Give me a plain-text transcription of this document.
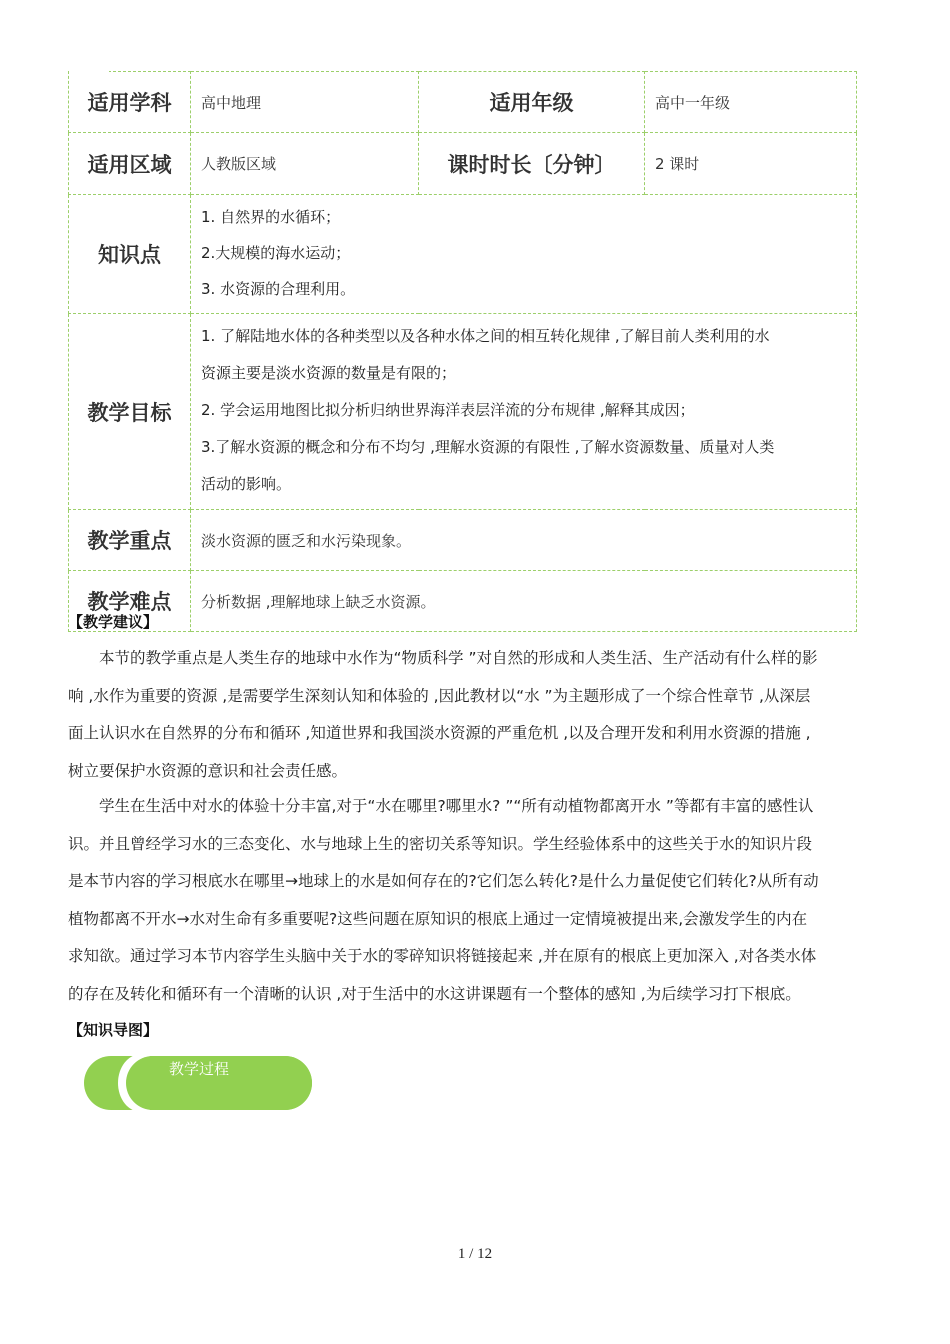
适用学科	高中地理	适用年级	高中一年级
适用区域	人教版区域	课时时长〔分钟〕	2 课时
知识点	1. 自然界的水循环；
2.大规模的海水运动；
3. 水资源的合理利用。		

教学目标	1. 了解陆地水体的各种类型以及各种水体之间的相互转化规律 ,了解目前人类利用的水
资源主要是淡水资源的数量是有限的；
2. 学会运用地图比拟分析归纳世界海洋表层洋流的分布规律 ,解释其成因；
3.了解水资源的概念和分布不均匀 ,理解水资源的有限性 ,了解水资源数量、质量对人类
活动的影响。		

教学重点	淡水资源的匮乏和水污染现象。		
教学难点	分析数据 ,理解地球上缺乏水资源。		
【教学建议】
本节的教学重点是人类生存的地球中水作为“物质科学 ”对自然的形成和人类生活、生产活动有什么样的影
响 ,水作为重要的资源 ,是需要学生深刻认知和体验的 ,因此教材以“水 ”为主题形成了一个综合性章节 ,从深层
面上认识水在自然界的分布和循环 ,知道世界和我国淡水资源的严重危机 ,以及合理开发和利用水资源的措施 ,
树立要保护水资源的意识和社会责任感。
学生在生活中对水的体验十分丰富,对于“水在哪里?哪里水? ”“所有动植物都离开水 ”等都有丰富的感性认
识。并且曾经学习水的三态变化、水与地球上生的密切关系等知识。学生经验体系中的这些关于水的知识片段
是本节内容的学习根底水在哪里→地球上的水是如何存在的?它们怎么转化?是什么力量促使它们转化?从所有动
植物都离不开水→水对生命有多重要呢?这些问题在原知识的根底上通过一定情境被提出来,会激发学生的内在
求知欲。通过学习本节内容学生头脑中关于水的零碎知识将链接起来 ,并在原有的根底上更加深入 ,对各类水体
的存在及转化和循环有一个清晰的认识 ,对于生活中的水这讲课题有一个整体的感知 ,为后续学习打下根底。
【知识导图】
教学过程
1 / 12
